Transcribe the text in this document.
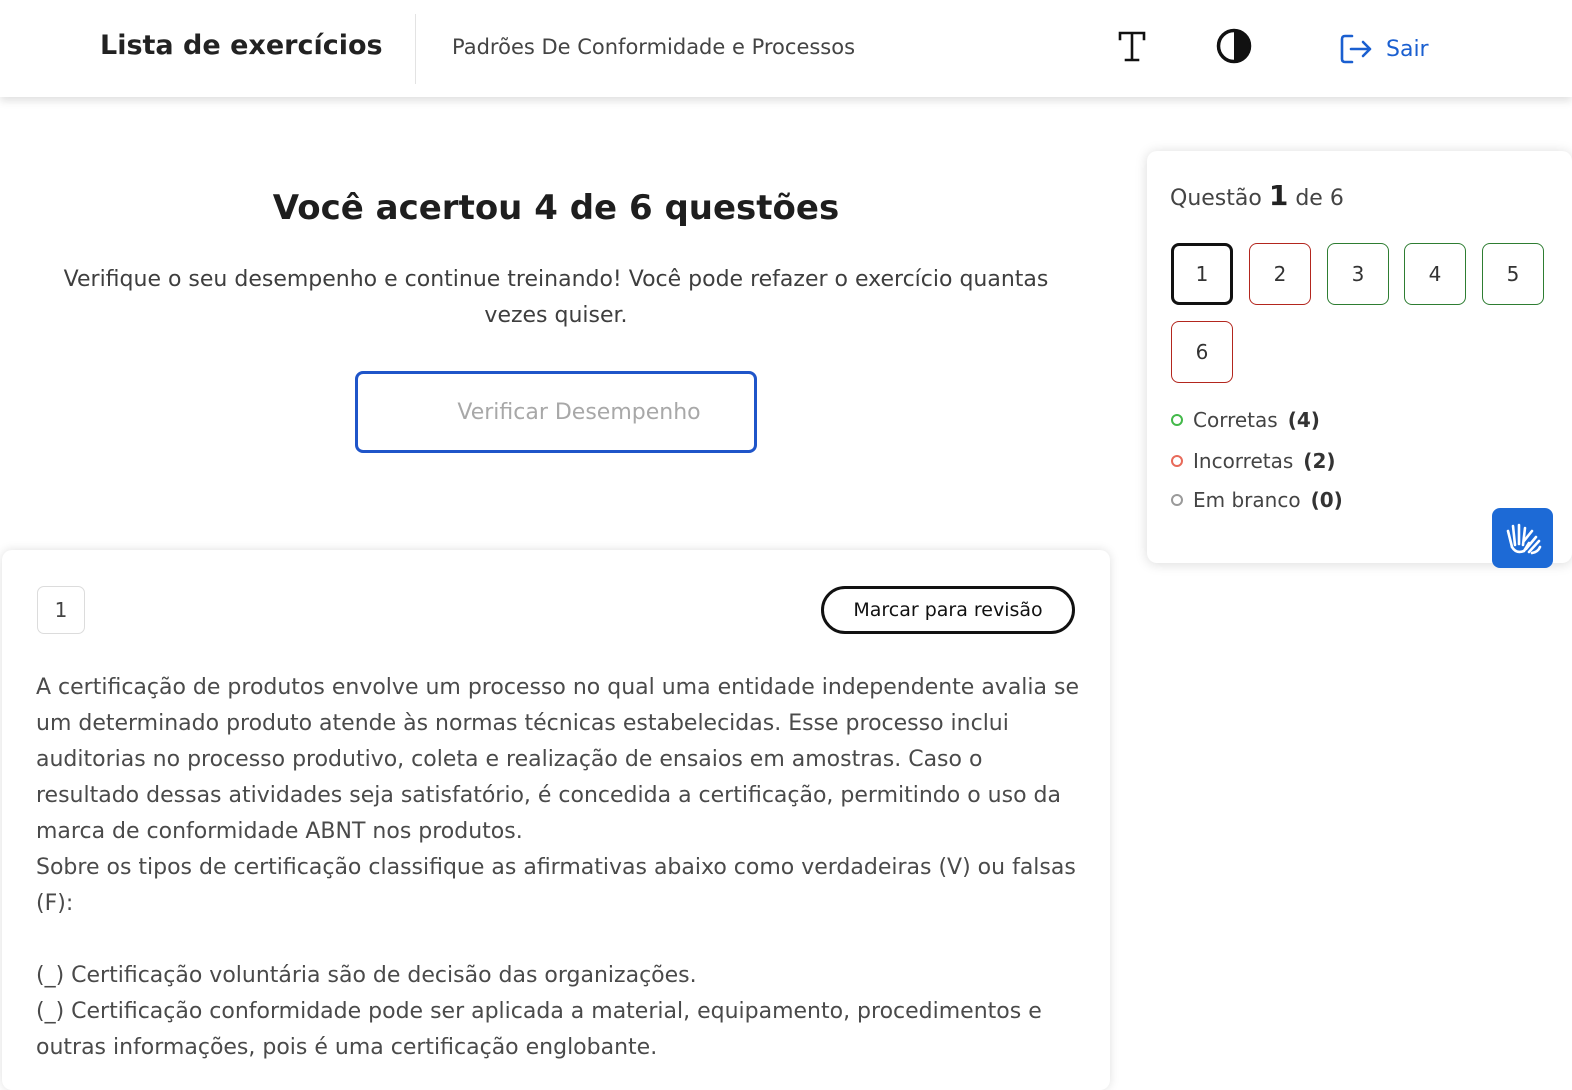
Lista de exercícios	Padrões De Conformidade e Processos	Sair
Você acertou 4 de 6 questões
Verifique o seu desempenho e continue treinando! Você pode refazer o exercício quantas vezes quiser.
Verificar Desempenho
1	Marcar para revisão
A certificação de produtos envolve um processo no qual uma entidade independente avalia se um determinado produto atende às normas técnicas estabelecidas. Esse processo inclui auditorias no processo produtivo, coleta e realização de ensaios em amostras. Caso o resultado dessas atividades seja satisfatório, é concedida a certificação, permitindo o uso da marca de conformidade ABNT nos produtos.
Sobre os tipos de certificação classifique as afirmativas abaixo como verdadeiras (V) ou falsas (F):

(_) Certificação voluntária são de decisão das organizações.
(_) Certificação conformidade pode ser aplicada a material, equipamento, procedimentos e outras informações, pois é uma certificação englobante.
Questão 1 de 6
1	2	3	4	5
6
Corretas (4)
Incorretas (2)
Em branco (0)
